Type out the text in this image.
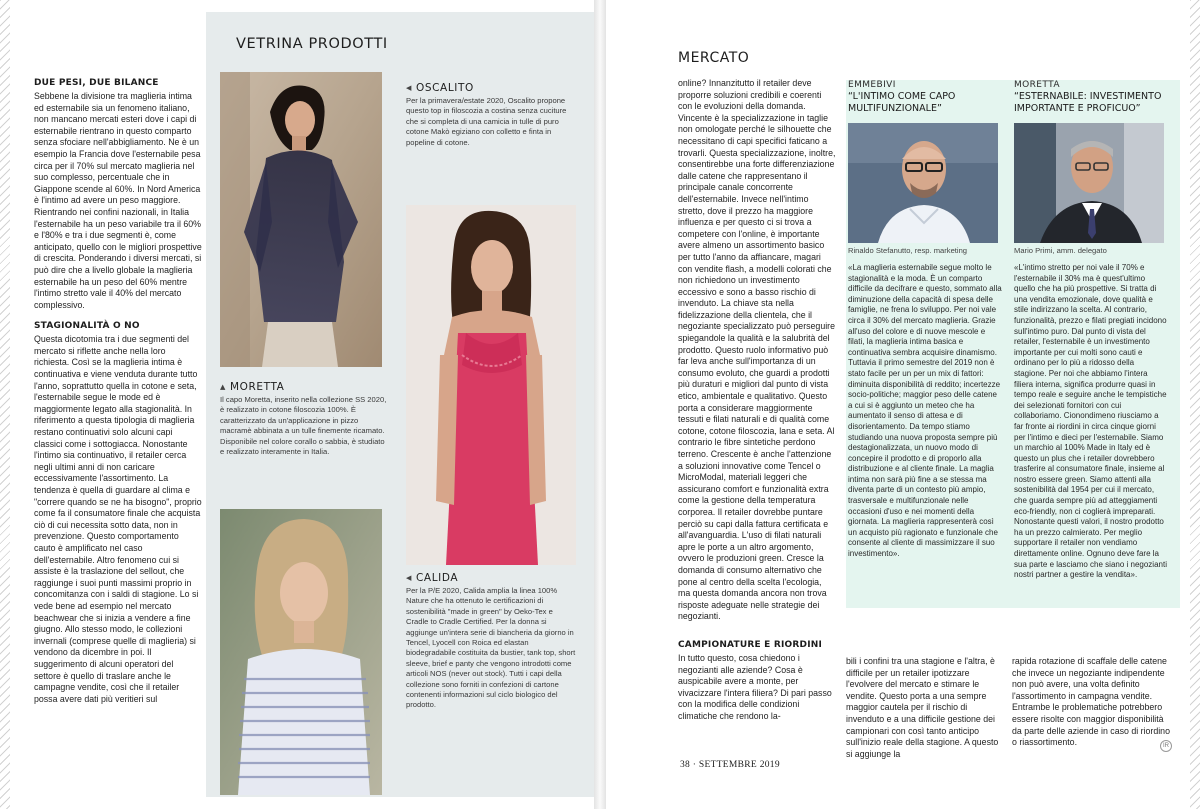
DUE PESI, DUE BILANCE
Sebbene la divisione tra maglieria intima ed esternabile sia un fenomeno italiano, non mancano mercati esteri dove i capi di esternabile rientrano in questo comparto senza sfociare nell'abbigliamento. Ne è un esempio la Francia dove l'esternabile pesa circa per il 70% sul mercato maglieria nel suo complesso, percentuale che in Giappone scende al 60%. In Nord America è l'intimo ad avere un peso maggiore. Rientrando nei confini nazionali, in Italia l'esternabile ha un peso variabile tra il 60% e l'80% e tra i due segmenti è, come anticipato, quello con le migliori prospettive di crescita. Ponderando i diversi mercati, si può dire che a livello globale la maglieria esternabile ha un peso del 60% mentre l'intimo stretto vale il 40% del mercato complessivo.
STAGIONALITÀ O NO
Questa dicotomia tra i due segmenti del mercato si riflette anche nella loro richiesta. Così se la maglieria intima è continuativa e viene venduta durante tutto l'anno, soprattutto quella in cotone e seta, l'esternabile segue le mode ed è maggiormente legato alla stagionalità. In riferimento a questa tipologia di maglieria restano continuativi solo alcuni capi classici come i sottogiacca. Nonostante l'intimo sia continuativo, il retailer cerca negli ultimi anni di non caricare eccessivamente l'assortimento. La tendenza è quella di guardare al clima e "correre quando se ne ha bisogno", proprio come fa il consumatore finale che acquista ciò di cui necessita sotto data, non in prevenzione. Questo comportamento cauto è amplificato nel caso dell'esternabile. Altro fenomeno cui si assiste è la traslazione del sellout, che raggiunge i suoi punti massimi proprio in concomitanza con i saldi di stagione. Lo si vede bene ad esempio nel mercato beachwear che si inizia a vendere a fine giugno. Allo stesso modo, le collezioni invernali (comprese quelle di maglieria) si vendono da dicembre in poi. Il suggerimento di alcuni operatori del settore è quello di traslare anche le campagne vendite, così che il retailer possa avere dati più veritieri sul
VETRINA PRODOTTI
◀ OSCALITO
Per la primavera/estate 2020, Oscalito propone questo top in filoscozia a costina senza cuciture che si completa di una camicia in tulle di puro cotone Makò egiziano con colletto e finta in popeline di cotone.
▲ MORETTA
Il capo Moretta, inserito nella collezione SS 2020, è realizzato in cotone filoscozia 100%. È caratterizzato da un'applicazione in pizzo macramè abbinata a un tulle finemente ricamato. Disponibile nel colore corallo o sabbia, è studiato e realizzato interamente in Italia.
◀ CALIDA
Per la P/E 2020, Calida amplia la linea 100% Nature che ha ottenuto le certificazioni di sostenibilità "made in green" by Oeko-Tex e Cradle to Cradle Certified. Per la donna si aggiunge un'intera serie di biancheria da giorno in Tencel, Lyocell con Roica ed elastan biodegradabile costituita da bustier, tank top, short sleeve, brief e panty che vengono introdotti come articoli NOS (never out stock). Tutti i capi della collezione sono forniti in confezioni di cartone contenenti informazioni sul ciclo biologico del prodotto.
MERCATO
online? Innanzitutto il retailer deve proporre soluzioni credibili e coerenti con le evoluzioni della domanda. Vincente è la specializzazione in taglie non omologate perché le silhouette che necessitano di capi specifici faticano a trovarli. Questa specializzazione, inoltre, consentirebbe una forte differenziazione dalle catene che rappresentano il principale canale concorrente dell'esternabile. Invece nell'intimo stretto, dove il prezzo ha maggiore influenza e per questo ci si trova a competere con l'online, è importante avere almeno un assortimento basico per tutto l'anno da affiancare, magari con vendite flash, a modelli colorati che non richiedono un investimento eccessivo e sono a basso rischio di invenduto. La chiave sta nella fidelizzazione della clientela, che il negoziante specializzato può perseguire spiegandole la qualità e la salubrità del prodotto. Questo ruolo informativo può far leva anche sull'importanza di un consumo evoluto, che guardi a prodotti più duraturi e migliori dal punto di vista etico, ambientale e qualitativo. Questo porta a considerare maggiormente tessuti e filati naturali e di qualità come cotone, cotone filoscozia, lana e seta. Al contrario le fibre sintetiche perdono terreno. Crescente è anche l'attenzione a soluzioni innovative come Tencel o MicroModal, materiali leggeri che assicurano comfort e funzionalità extra come la gestione della temperatura corporea. Il retailer dovrebbe puntare perciò su capi dalla fattura certificata e all'avanguardia. L'uso di filati naturali apre le porte a un altro argomento, ovvero le produzioni green. Cresce la domanda di consumo alternativo che pone al centro della scelta l'ecologia, ma questa domanda ancora non trova risposte adeguate nelle strategie dei negozianti.
CAMPIONATURE E RIORDINI
In tutto questo, cosa chiedono i negozianti alle aziende? Cosa è auspicabile avere a monte, per vivacizzare l'intera filiera? Di pari passo con la modifica delle condizioni climatiche che rendono la-
EMMEBIVI
“L'INTIMO COME CAPO MULTIFUNZIONALE”
Rinaldo Stefanutto, resp. marketing
«La maglieria esternabile segue molto le stagionalità e la moda. È un comparto difficile da decifrare e questo, sommato alla diminuzione della capacità di spesa delle famiglie, ne frena lo sviluppo. Per noi vale circa il 30% del mercato maglieria. Grazie all'uso del colore e di nuove mescole e filati, la maglieria intima basica e continuativa sembra acquisire dinamismo. Tuttavia il primo semestre del 2019 non è stato facile per un per un mix di fattori: diminuita disponibilità di reddito; incertezze socio-politiche; maggior peso delle catene a cui si è aggiunto un meteo che ha aumentato il senso di attesa e di disorientamento. Da tempo stiamo studiando una nuova proposta sempre più destagionalizzata, un nuovo modo di concepire il prodotto e di proporlo alla distribuzione e al cliente finale. La maglia intima non sarà più fine a se stessa ma diventa parte di un contesto più ampio, trasversale e multifunzionale nelle occasioni d'uso e nei momenti della giornata. La maglieria rappresenterà così un acquisto più ragionato e funzionale che consente al cliente di massimizzare il suo investimento».
MORETTA
“ESTERNABILE: INVESTIMENTO IMPORTANTE E PROFICUO”
Mario Primi, amm. delegato
«L'intimo stretto per noi vale il 70% e l'esternabile il 30% ma è quest'ultimo quello che ha più prospettive. Si tratta di una vendita emozionale, dove qualità e stile indirizzano la scelta. Al contrario, funzionalità, prezzo e filati pregiati incidono sull'intimo puro. Dal punto di vista del retailer, l'esternabile è un investimento importante per cui molti sono cauti e ordinano per lo più a ridosso della stagione. Per noi che abbiamo l'intera filiera interna, significa produrre quasi in tempo reale e seguire anche le tempistiche dei selezionati fornitori con cui collaboriamo. Cionondimeno riusciamo a far fronte ai riordini in circa cinque giorni per l'intimo e dieci per l'esternabile. Siamo un marchio al 100% Made in Italy ed è questo un plus che i retailer dovrebbero trasferire al consumatore finale, insieme al nostro essere green. Siamo attenti alla sostenibilità dal 1954 per cui il mercato, che guarda sempre più ad atteggiamenti eco-friendly, non ci coglierà impreparati. Nonostante questi valori, il nostro prodotto ha un prezzo calmierato. Per meglio supportare il retailer non vendiamo direttamente online. Ognuno deve fare la sua parte e lasciamo che siano i negozianti nostri partner a gestire la vendita».
bili i confini tra una stagione e l'altra, è difficile per un retailer ipotizzare l'evolvere del mercato e stimare le vendite. Questo porta a una sempre maggior cautela per il rischio di invenduto e a una difficile gestione dei campionari con così tanto anticipo sull'inizio reale della stagione. A questo si aggiunge la
rapida rotazione di scaffale delle catene che invece un negoziante indipendente non può avere, una volta definito l'assortimento in campagna vendite. Entrambe le problematiche potrebbero essere risolte con maggior disponibilità da parte delle aziende in caso di riordino o riassortimento.	IR
38 · SETTEMBRE 2019
